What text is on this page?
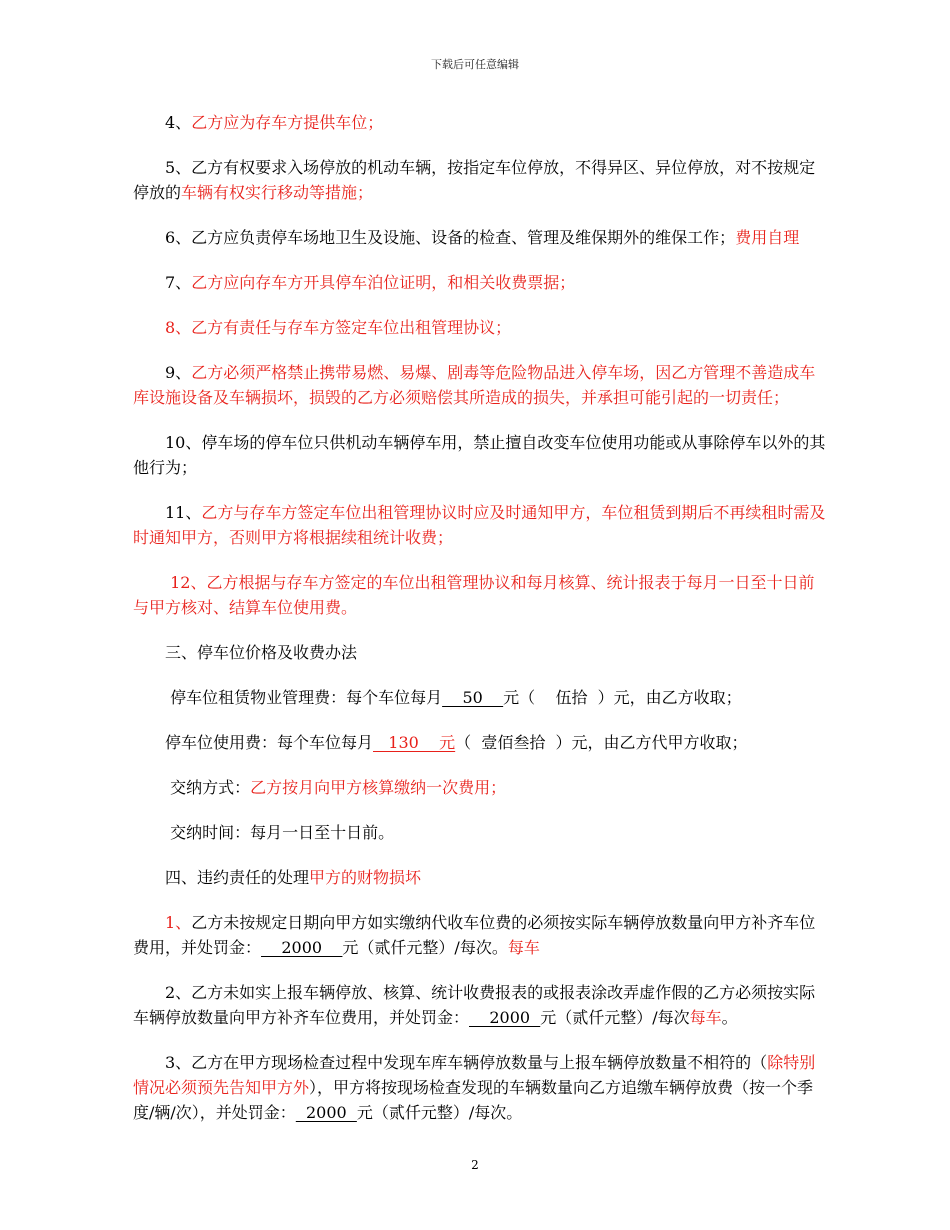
下载后可任意编辑

4、乙方应为存车方提供车位；

5、乙方有权要求入场停放的机动车辆，按指定车位停放，不得异区、异位停放，对不按规定停放的车辆有权实行移动等措施；

6、乙方应负责停车场地卫生及设施、设备的检查、管理及维保期外的维保工作；费用自理

7、乙方应向存车方开具停车泊位证明，和相关收费票据；

8、乙方有责任与存车方签定车位出租管理协议；

9、乙方必须严格禁止携带易燃、易爆、剧毒等危险物品进入停车场，因乙方管理不善造成车库设施设备及车辆损坏，损毁的乙方必须赔偿其所造成的损失，并承担可能引起的一切责任；

10、停车场的停车位只供机动车辆停车用，禁止擅自改变车位使用功能或从事除停车以外的其他行为；

11、乙方与存车方签定车位出租管理协议时应及时通知甲方，车位租赁到期后不再续租时需及时通知甲方，否则甲方将根据续租统计收费；

12、乙方根据与存车方签定的车位出租管理协议和每月核算、统计报表于每月一日至十日前与甲方核对、结算车位使用费。

三、停车位价格及收费办法

停车位租赁物业管理费：每个车位每月    50    元（    伍拾  ）元，由乙方收取；

停车位使用费：每个车位每月   130    元（  壹佰叁拾  ）元，由乙方代甲方收取；

交纳方式：乙方按月向甲方核算缴纳一次费用；

交纳时间：每月一日至十日前。

四、违约责任的处理甲方的财物损坏

1、乙方未按规定日期向甲方如实缴纳代收车位费的必须按实际车辆停放数量向甲方补齐车位费用，并处罚金：    2000    元（贰仟元整）/每次。每车

2、乙方未如实上报车辆停放、核算、统计收费报表的或报表涂改弄虚作假的乙方必须按实际车辆停放数量向甲方补齐车位费用，并处罚金：    2000  元（贰仟元整）/每次每车。

3、乙方在甲方现场检查过程中发现车库车辆停放数量与上报车辆停放数量不相符的（除特别情况必须预先告知甲方外），甲方将按现场检查发现的车辆数量向乙方追缴车辆停放费（按一个季度/辆/次），并处罚金：  2000  元（贰仟元整）/每次。

2
